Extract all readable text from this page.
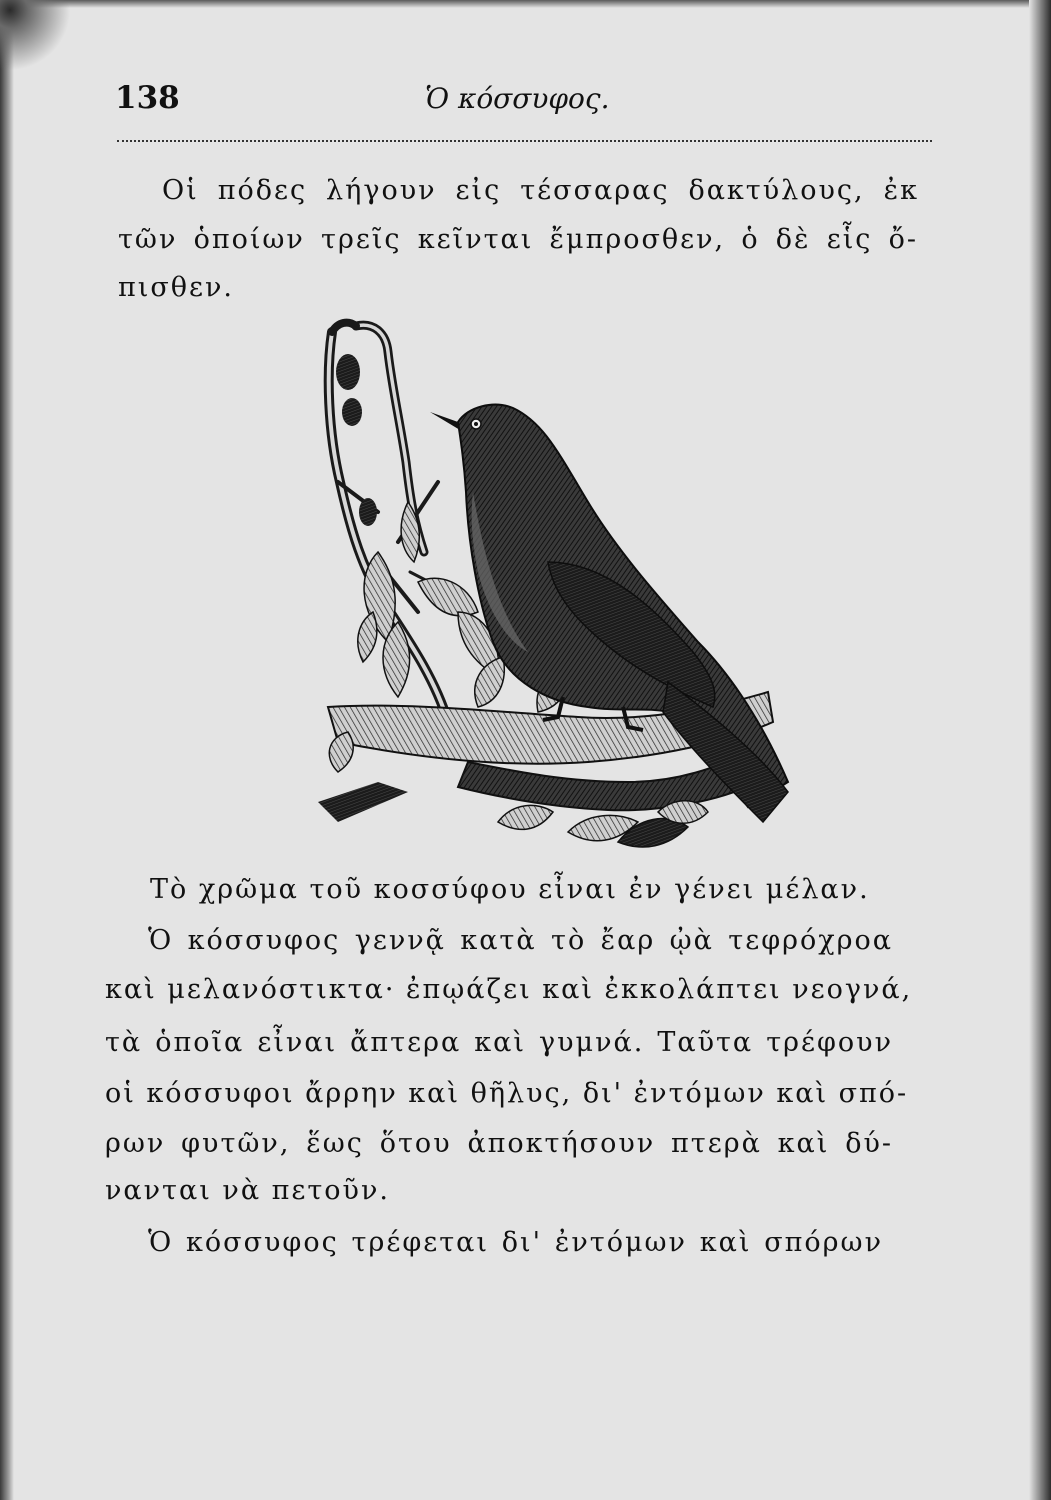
138	Ὁ κόσσυφος.
Οἱ πόδες λήγουν εἰς τέσσαρας δακτύλους, ἐκ
τῶν ὁποίων τρεῖς κεῖνται ἔμπροσθεν, ὁ δὲ εἷς ὄ-
πισθεν.
Τὸ χρῶμα τοῦ κοσσύφου εἶναι ἐν γένει μέλαν.
Ὁ κόσσυφος γεννᾷ κατὰ τὸ ἔαρ ᾠὰ τεφρόχροα
καὶ μελανόστικτα· ἐπῳάζει καὶ ἐκκολάπτει νεογνά,
τὰ ὁποῖα εἶναι ἄπτερα καὶ γυμνά. Ταῦτα τρέφουν
οἱ κόσσυφοι ἄρρην καὶ θῆλυς, δι' ἐντόμων καὶ σπό-
ρων φυτῶν, ἕως ὅτου ἀποκτήσουν πτερὰ καὶ δύ-
νανται νὰ πετοῦν.
Ὁ κόσσυφος τρέφεται δι' ἐντόμων καὶ σπόρων
